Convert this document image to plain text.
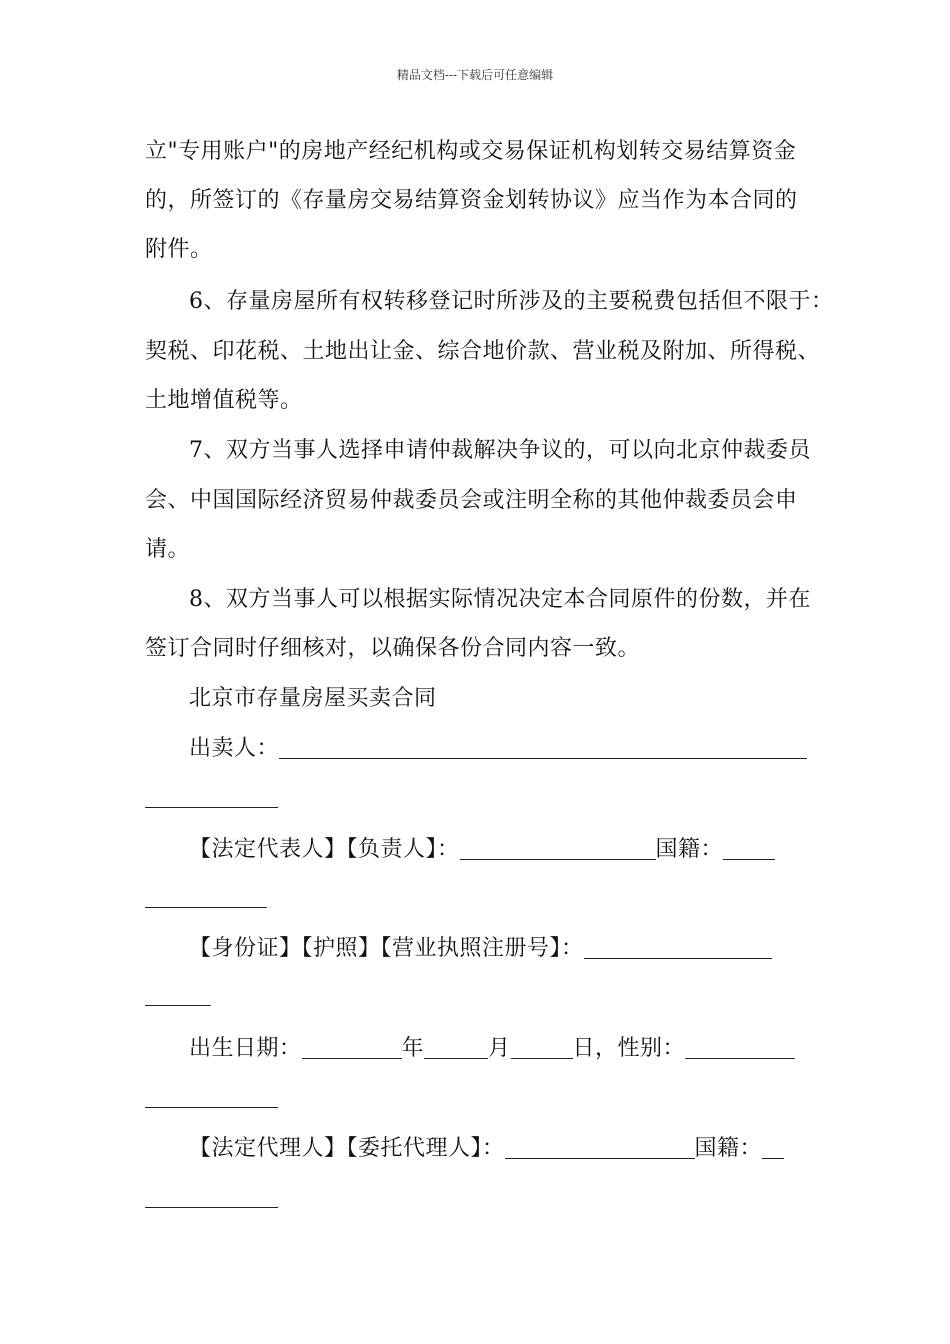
精品文档---下载后可任意编辑
立"专用账户"的房地产经纪机构或交易保证机构划转交易结算资金
的，所签订的《存量房交易结算资金划转协议》应当作为本合同的
附件。
6、存量房屋所有权转移登记时所涉及的主要税费包括但不限于：
契税、印花税、土地出让金、综合地价款、营业税及附加、所得税、
土地增值税等。
7、双方当事人选择申请仲裁解决争议的，可以向北京仲裁委员
会、中国国际经济贸易仲裁委员会或注明全称的其他仲裁委员会申
请。
8、双方当事人可以根据实际情况决定本合同原件的份数，并在
签订合同时仔细核对，以确保各份合同内容一致。
北京市存量房屋买卖合同
出卖人：
【法定代表人】【负责人】：	国籍：
【身份证】【护照】【营业执照注册号】：
出生日期：	年	月	日，性别：
【法定代理人】【委托代理人】：	国籍：
